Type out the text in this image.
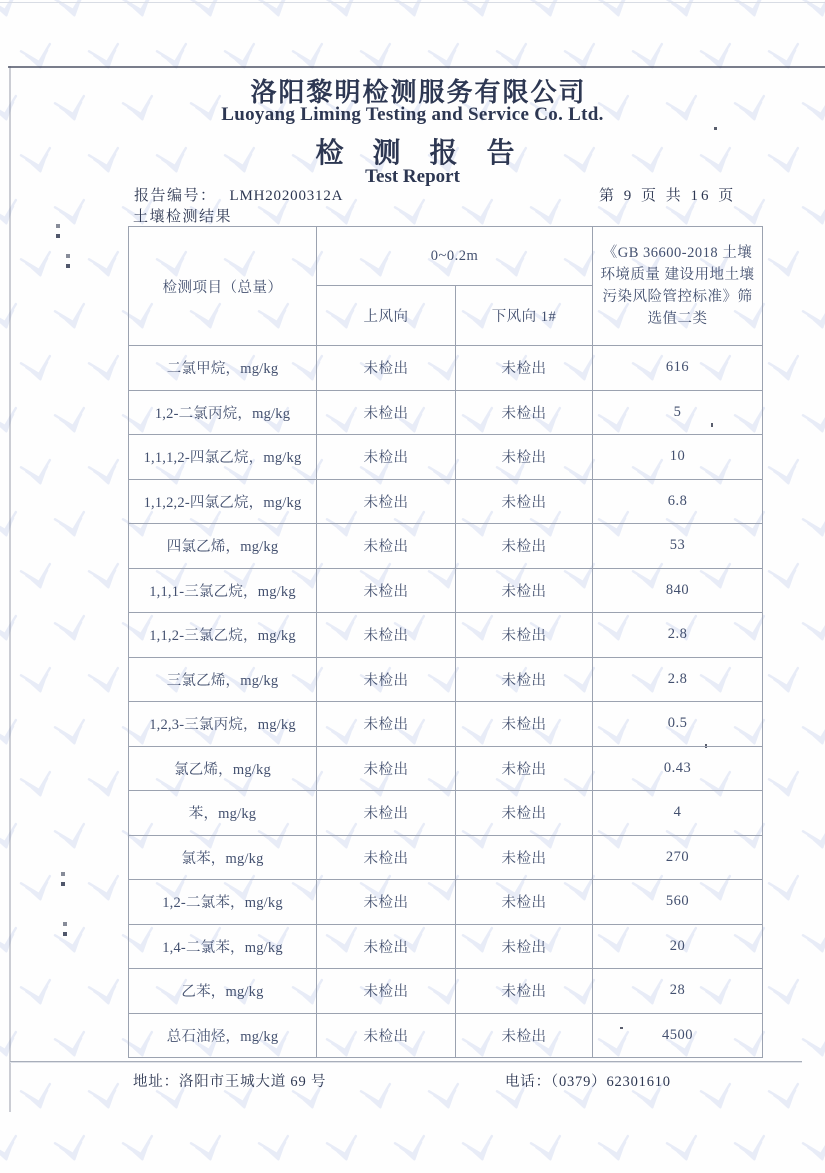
洛阳黎明检测服务有限公司
Luoyang Liming Testing and Service Co. Ltd.
检 测 报 告
Test Report
报告编号： LMH20200312A	第 9 页 共 16 页
土壤检测结果
检测项目（总量）	0~0.2m		《GB 36600-2018 土壤环境质量 建设用地土壤污染风险管控标准》筛选值二类
	上风向	下风向 1#	
二氯甲烷，mg/kg	未检出	未检出	616
1,2-二氯丙烷，mg/kg	未检出	未检出	5
1,1,1,2-四氯乙烷，mg/kg	未检出	未检出	10
1,1,2,2-四氯乙烷，mg/kg	未检出	未检出	6.8
四氯乙烯，mg/kg	未检出	未检出	53
1,1,1-三氯乙烷，mg/kg	未检出	未检出	840
1,1,2-三氯乙烷，mg/kg	未检出	未检出	2.8
三氯乙烯，mg/kg	未检出	未检出	2.8
1,2,3-三氯丙烷，mg/kg	未检出	未检出	0.5
氯乙烯，mg/kg	未检出	未检出	0.43
苯，mg/kg	未检出	未检出	4
氯苯，mg/kg	未检出	未检出	270
1,2-二氯苯，mg/kg	未检出	未检出	560
1,4-二氯苯，mg/kg	未检出	未检出	20
乙苯，mg/kg	未检出	未检出	28
总石油烃，mg/kg	未检出	未检出	4500
地址：洛阳市王城大道 69 号	电话：（0379）62301610
